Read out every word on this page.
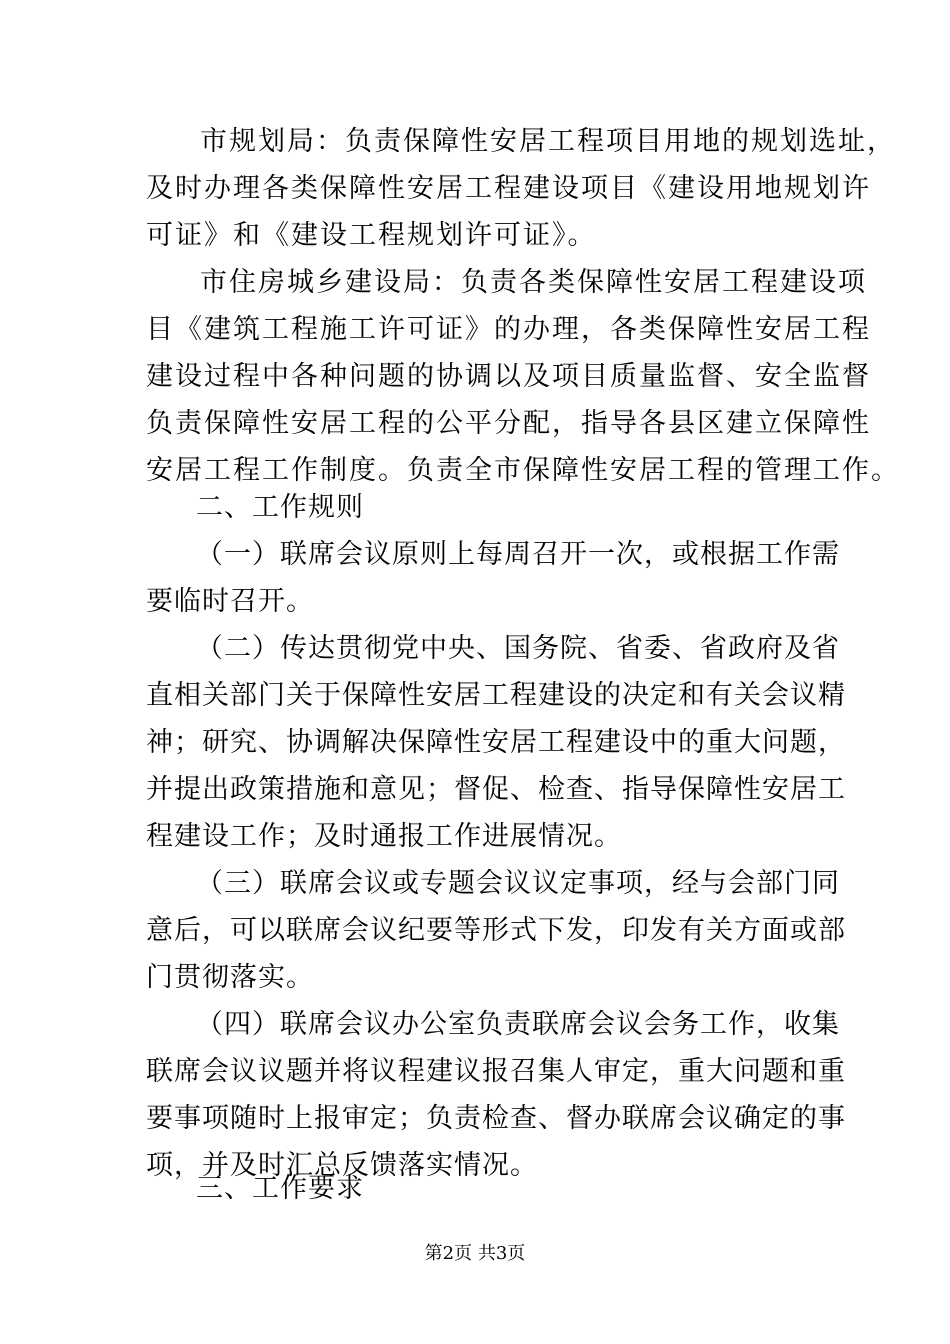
市规划局：负责保障性安居工程项目用地的规划选址，
及时办理各类保障性安居工程建设项目《建设用地规划许
可证》和《建设工程规划许可证》。
市住房城乡建设局：负责各类保障性安居工程建设项
目《建筑工程施工许可证》的办理，各类保障性安居工程
建设过程中各种问题的协调以及项目质量监督、安全监督
负责保障性安居工程的公平分配，指导各县区建立保障性
安居工程工作制度。负责全市保障性安居工程的管理工作。
二、工作规则
（一）联席会议原则上每周召开一次，或根据工作需
要临时召开。
（二）传达贯彻党中央、国务院、省委、省政府及省
直相关部门关于保障性安居工程建设的决定和有关会议精
神；研究、协调解决保障性安居工程建设中的重大问题，
并提出政策措施和意见；督促、检查、指导保障性安居工
程建设工作；及时通报工作进展情况。
（三）联席会议或专题会议议定事项，经与会部门同
意后，可以联席会议纪要等形式下发，印发有关方面或部
门贯彻落实。
（四）联席会议办公室负责联席会议会务工作，收集
联席会议议题并将议程建议报召集人审定，重大问题和重
要事项随时上报审定；负责检查、督办联席会议确定的事
项，并及时汇总反馈落实情况。
三、工作要求
第2页 共3页
